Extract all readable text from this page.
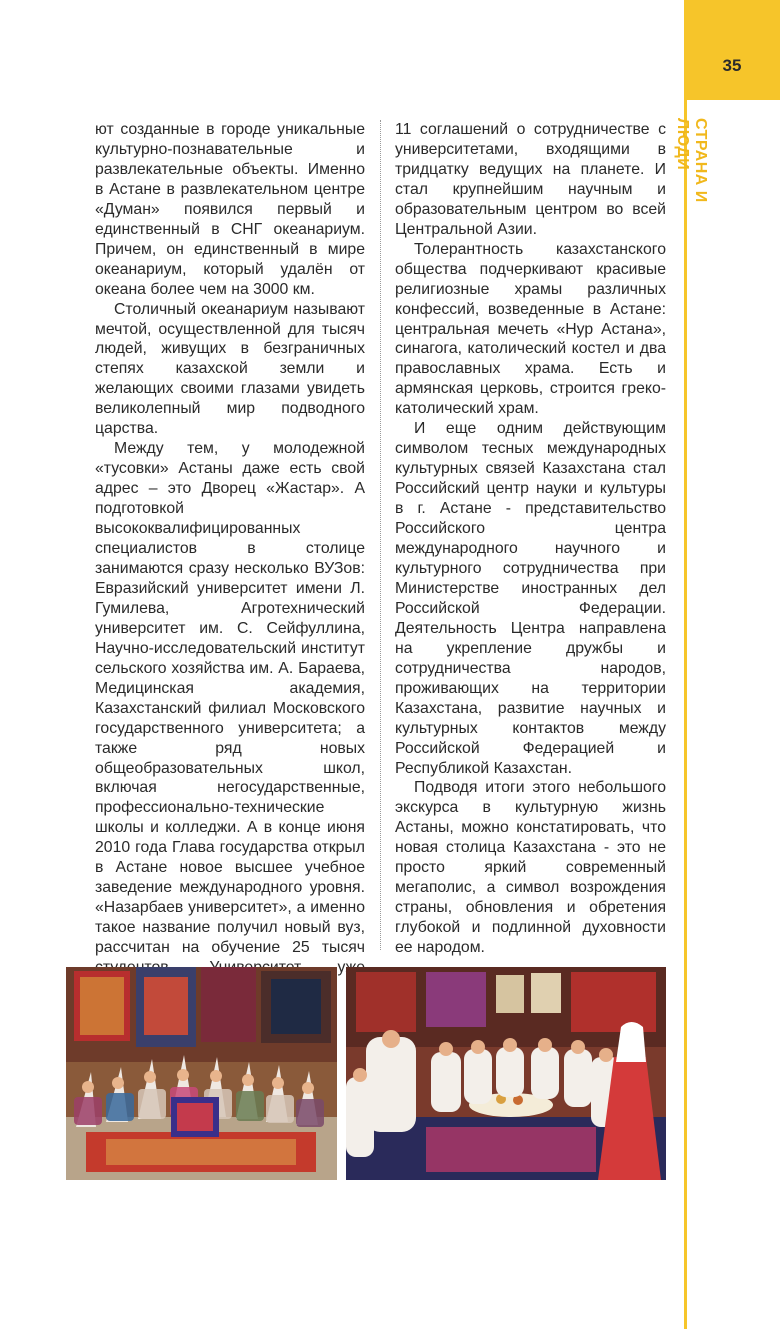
35
СТРАНА И ЛЮДИ

ют созданные в городе уникальные культурно-познавательные и развлекательные объекты. Именно в Астане в развлекательном центре «Думан» появился первый и единственный в СНГ океанариум. Причем, он единственный в мире океанариум, который удалён от океана более чем на 3000 км.

Столичный океанариум называют мечтой, осуществленной для тысяч людей, живущих в безграничных степях казахской земли и желающих своими глазами увидеть великолепный мир подводного царства.

Между тем, у молодежной «тусовки» Астаны даже есть свой адрес – это Дворец «Жастар». А подготовкой высококвалифицированных специалистов в столице занимаются сразу несколько ВУЗов: Евразийский университет имени Л. Гумилева, Агротехнический университет им. С. Сейфуллина, Научно-исследовательский институт сельского хозяйства им. А. Бараева, Медицинская академия, Казахстанский филиал Московского государственного университета; а также ряд новых общеобразовательных школ, включая негосударственные, профессионально-технические школы и колледжи. А в конце июня 2010 года Глава государства открыл в Астане новое высшее учебное заведение международного уровня. «Назарбаев университет», а именно такое название получил новый вуз, рассчитан на обучение 25 тысяч

11 соглашений о сотрудничестве с университетами, входящими в тридцатку ведущих на планете. И стал крупнейшим научным и образовательным центром во всей Центральной Азии.

Толерантность казахстанского общества подчеркивают красивые религиозные храмы различных конфессий, возведенные в Астане: центральная мечеть «Нур Астана», синагога, католический костел и два православных храма. Есть и армянская церковь, строится греко-католический храм.

И еще одним действующим символом тесных международных культурных связей Казахстана стал Российский центр науки и культуры в г. Астане - представительство Российского центра международного научного и культурного сотрудничества при Министерстве иностранных дел Российской Федерации. Деятельность Центра направлена на укрепление дружбы и сотрудничества народов, проживающих на территории Казахстана, развитие научных и культурных контактов между Российской Федерацией и Республикой Казахстан.

Подводя итоги этого небольшого экскурса в культурную жизнь Астаны, можно констатировать, что новая столица Казахстана - это не просто яркий современный мегаполис, а символ возрождения страны, обновления и обретения глубокой и подлинной духовности ее народом.
